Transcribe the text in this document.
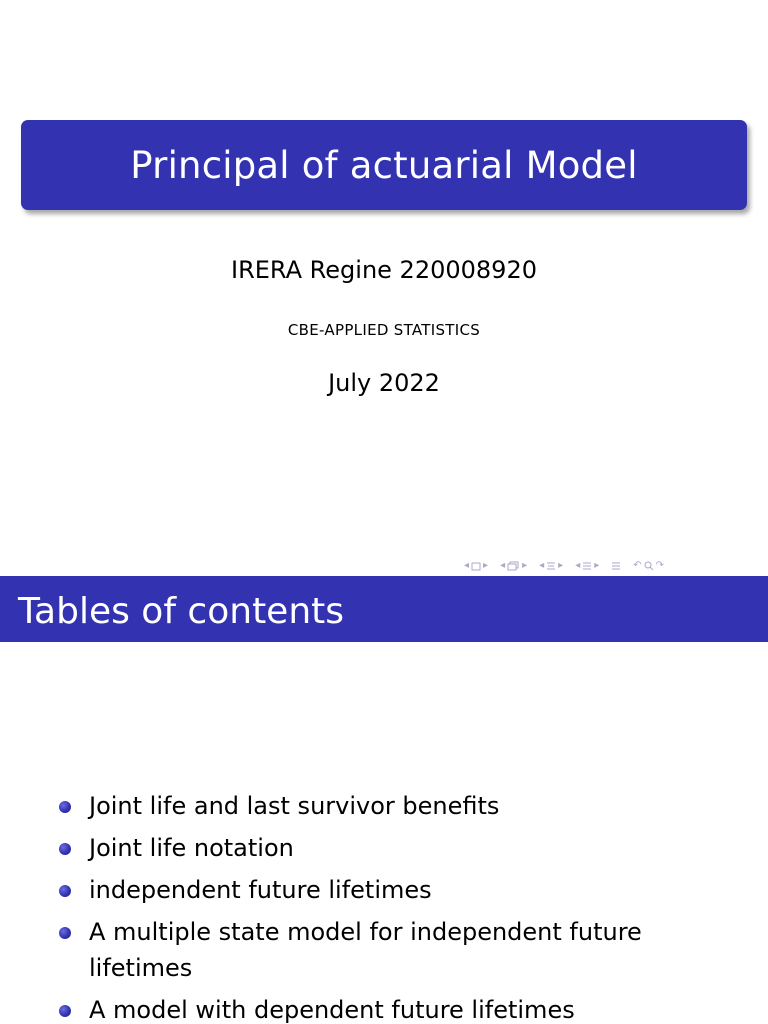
Principal of actuarial Model
IRERA Regine 220008920
CBE-APPLIED STATISTICS
July 2022
◂ ▸ ◂ ▸ ◂ ▸ ◂ ▸	↶ ↷
Tables of contents
Joint life and last survivor benefits
Joint life notation
independent future lifetimes
A multiple state model for independent future lifetimes
A model with dependent future lifetimes
